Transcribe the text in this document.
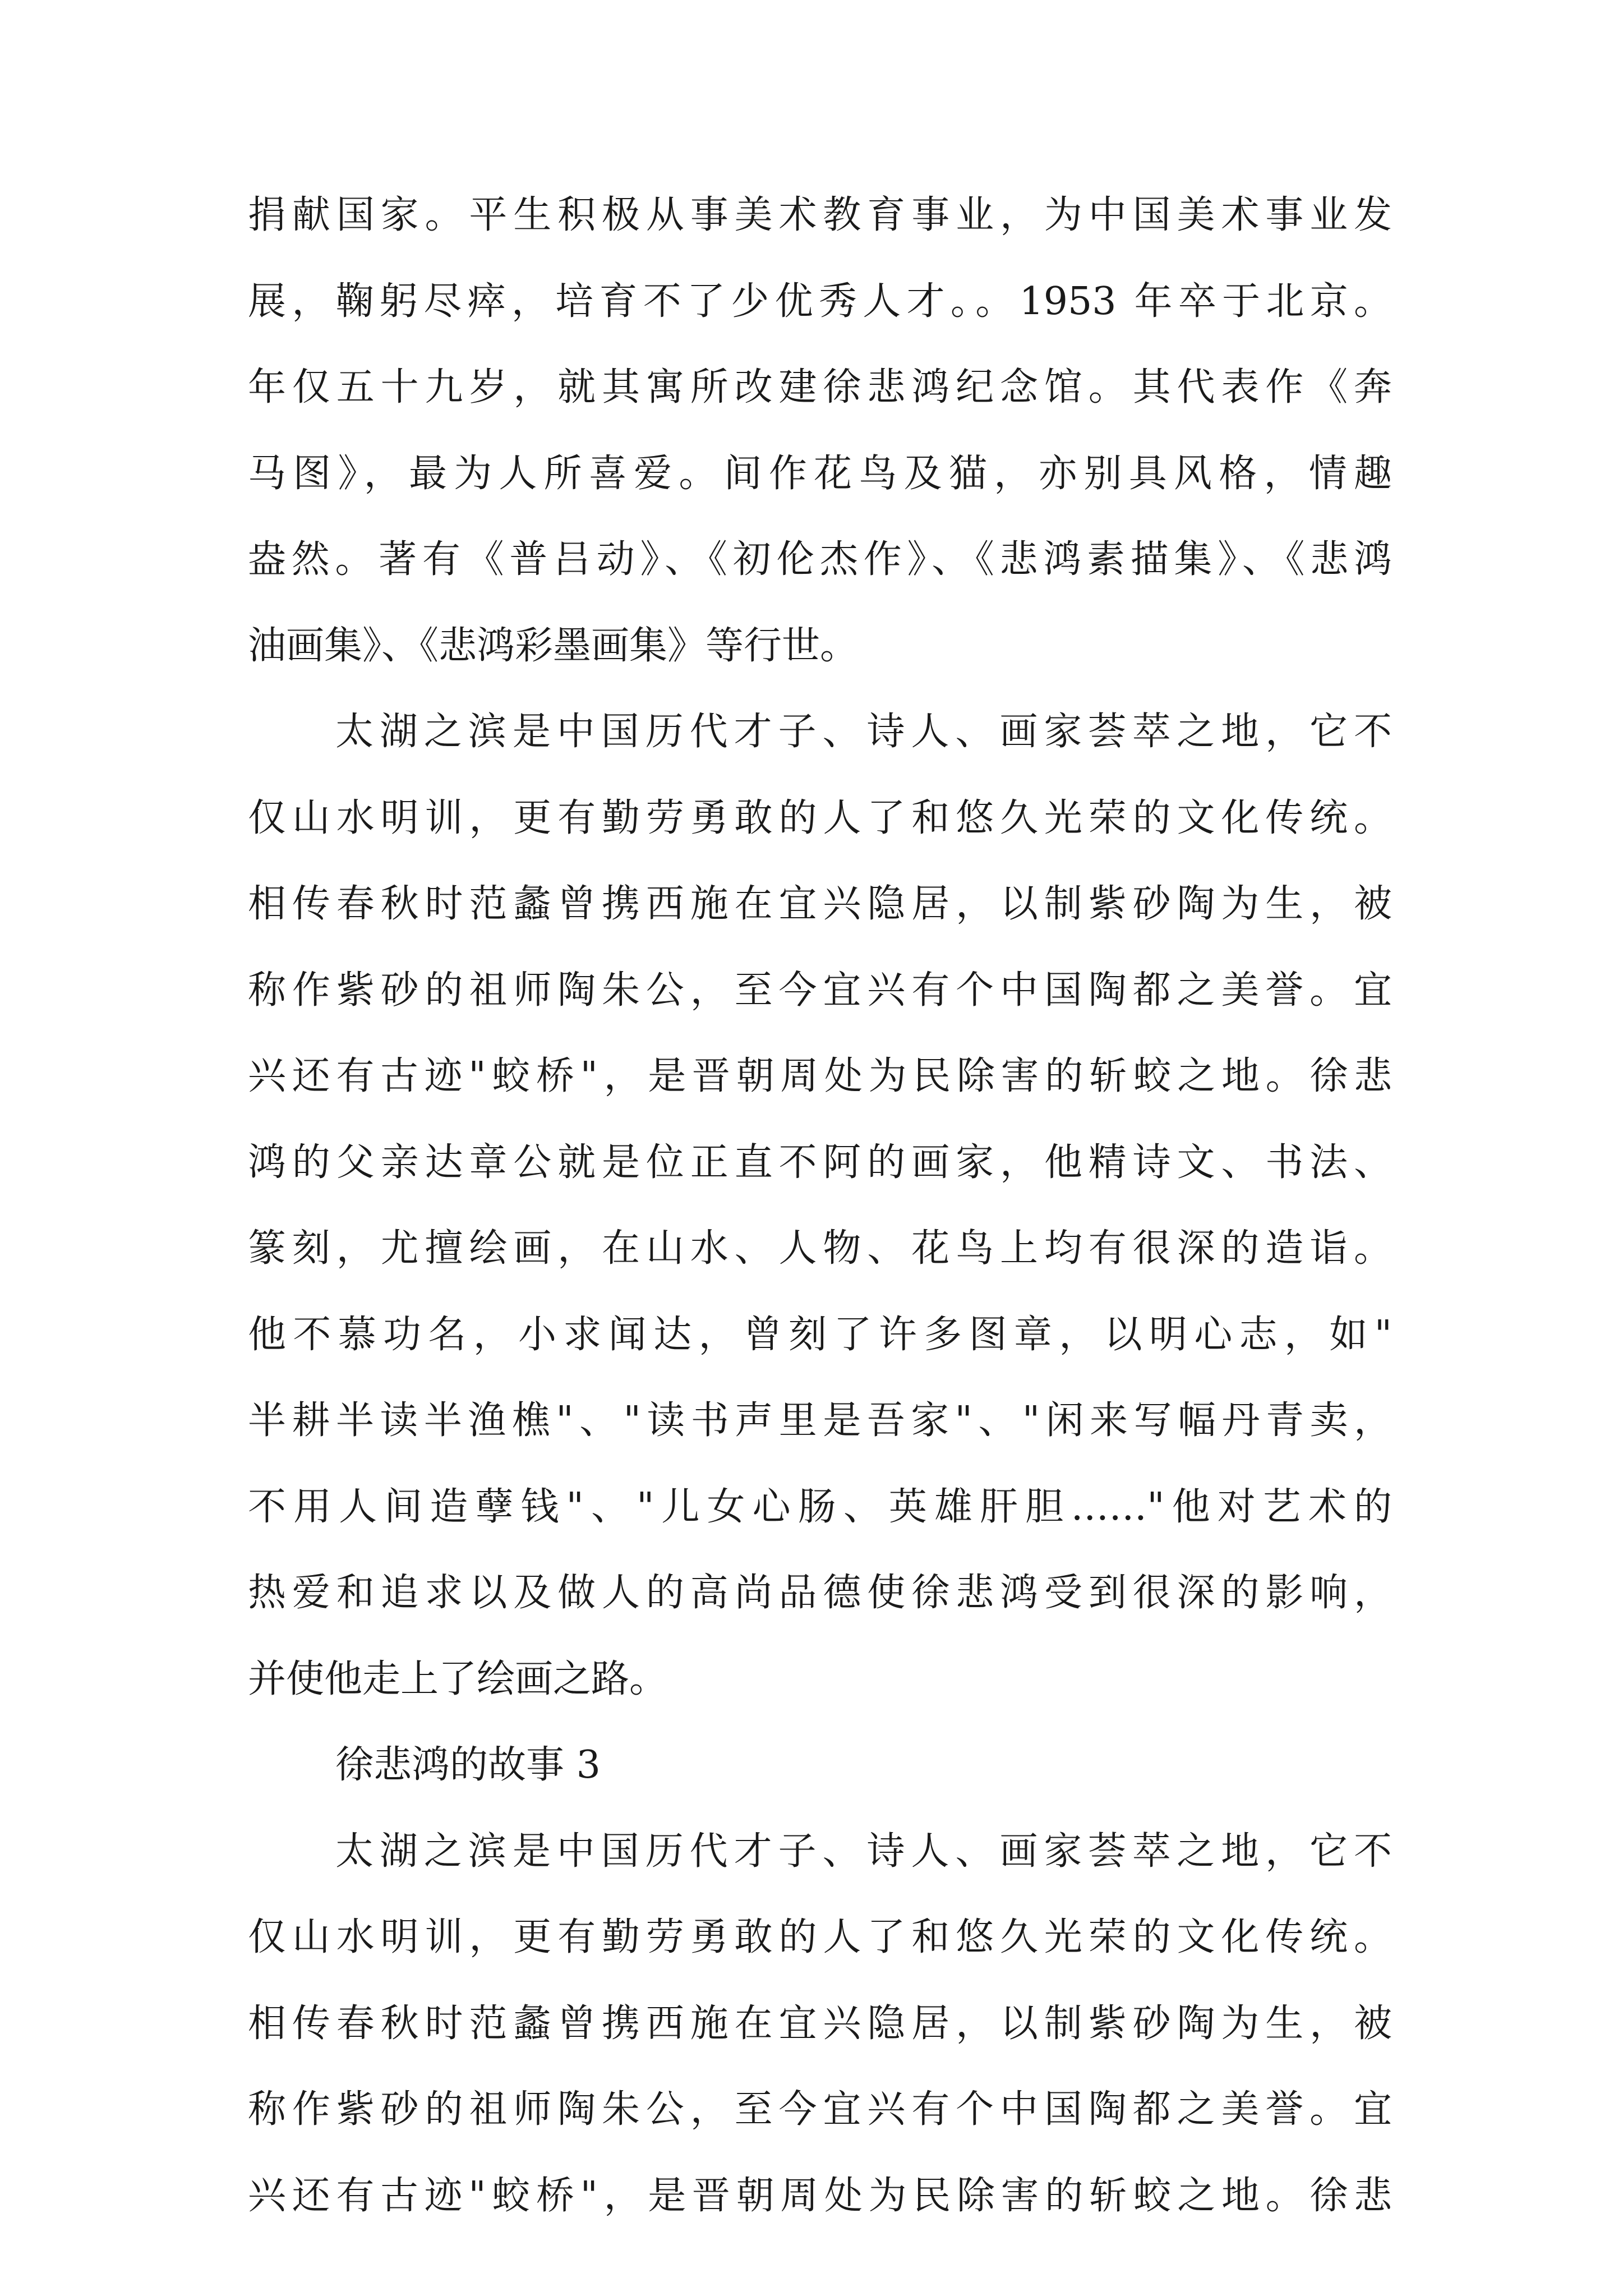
捐献国家。平生积极从事美术教育事业，为中国美术事业发
展，鞠躬尽瘁，培育不了少优秀人才。。1953 年卒于北京。
年仅五十九岁，就其寓所改建徐悲鸿纪念馆。其代表作《奔
马图》，最为人所喜爱。间作花鸟及猫，亦别具风格，情趣
盎然。著有《普吕动》、《初伦杰作》、《悲鸿素描集》、《悲鸿
油画集》、《悲鸿彩墨画集》等行世。
太湖之滨是中国历代才子、诗人、画家荟萃之地，它不
仅山水明训，更有勤劳勇敢的人了和悠久光荣的文化传统。
相传春秋时范蠡曾携西施在宜兴隐居，以制紫砂陶为生，被
称作紫砂的祖师陶朱公，至今宜兴有个中国陶都之美誉。宜
兴还有古迹"蛟桥"，是晋朝周处为民除害的斩蛟之地。徐悲
鸿的父亲达章公就是位正直不阿的画家，他精诗文、书法、
篆刻，尤擅绘画，在山水、人物、花鸟上均有很深的造诣。
他不慕功名，小求闻达，曾刻了许多图章，以明心志，如"
半耕半读半渔樵"、"读书声里是吾家"、"闲来写幅丹青卖，
不用人间造孽钱"、"儿女心肠、英雄肝胆……"他对艺术的
热爱和追求以及做人的高尚品德使徐悲鸿受到很深的影响，
并使他走上了绘画之路。
徐悲鸿的故事 3
太湖之滨是中国历代才子、诗人、画家荟萃之地，它不
仅山水明训，更有勤劳勇敢的人了和悠久光荣的文化传统。
相传春秋时范蠡曾携西施在宜兴隐居，以制紫砂陶为生，被
称作紫砂的祖师陶朱公，至今宜兴有个中国陶都之美誉。宜
兴还有古迹"蛟桥"，是晋朝周处为民除害的斩蛟之地。徐悲
